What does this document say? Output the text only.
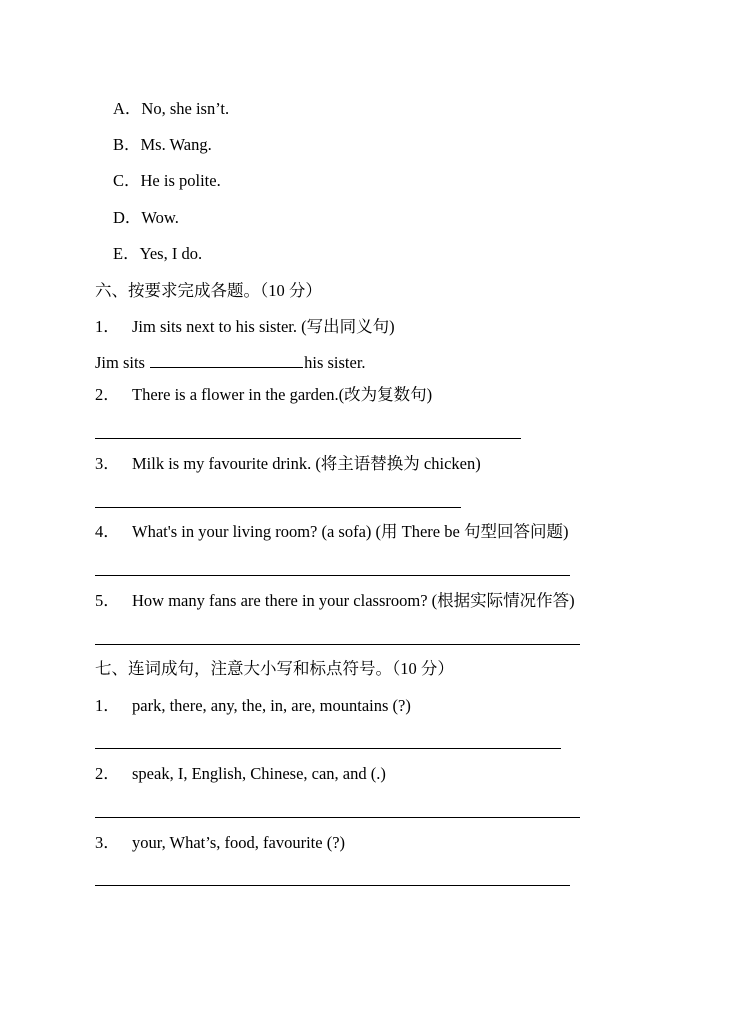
A．No, she isn’t.
B．Ms. Wang.
C．He is polite.
D．Wow.
E．Yes, I do.
六、按要求完成各题。（10 分）
1． Jim sits next to his sister. (写出同义句)
Jim sits	his sister.
2． There is a flower in the garden.(改为复数句)
3． Milk is my favourite drink. (将主语替换为 chicken)
4． What's in your living room? (a sofa) (用 There be 句型回答问题)
5． How many fans are there in your classroom? (根据实际情况作答)
七、连词成句，注意大小写和标点符号。（10 分）
1． park, there, any, the, in, are, mountains (?)
2． speak, I, English, Chinese, can, and (.)
3． your, What’s, food, favourite (?)
